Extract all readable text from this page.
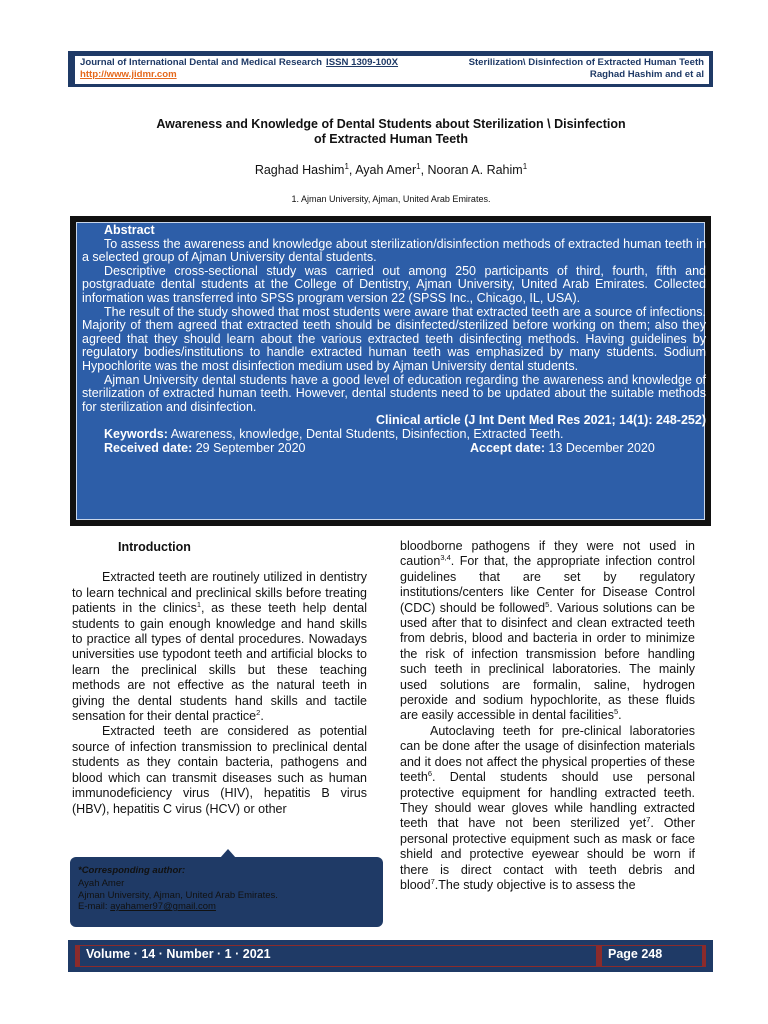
Journal of International Dental and Medical Research ISSN 1309-100X
http://www.jidmr.com
Sterilization\ Disinfection of Extracted Human Teeth
Raghad Hashim and et al
Awareness and Knowledge of Dental Students about Sterilization \ Disinfection
of Extracted Human Teeth
Raghad Hashim$^1$, Ayah Amer$^1$, Nooran A. Rahim$^1$
1. Ajman University, Ajman, United Arab Emirates.

Abstract

To assess the awareness and knowledge about sterilization/disinfection methods of extracted human teeth in a selected group of Ajman University dental students.

Descriptive cross-sectional study was carried out among 250 participants of third, fourth, fifth and postgraduate dental students at the College of Dentistry, Ajman University, United Arab Emirates. Collected information was transferred into SPSS program version 22 (SPSS Inc., Chicago, IL, USA).

The result of the study showed that most students were aware that extracted teeth are a source of infections. Majority of them agreed that extracted teeth should be disinfected/sterilized before working on them; also they agreed that they should learn about the various extracted teeth disinfecting methods. Having guidelines by regulatory bodies/institutions to handle extracted human teeth was emphasized by many students. Sodium Hypochlorite was the most disinfection medium used by Ajman University dental students.

Ajman University dental students have a good level of education regarding the awareness and knowledge of sterilization of extracted human teeth. However, dental students need to be updated about the suitable methods for sterilization and disinfection.

Clinical article (J Int Dent Med Res 2021; 14(1): 248-252)
Keywords: Awareness, knowledge, Dental Students, Disinfection, Extracted Teeth.
Received date: 29 September 2020	Accept date: 13 December 2020

Introduction

Extracted teeth are routinely utilized in dentistry to learn technical and preclinical skills before treating patients in the clinics$^1$, as these teeth help dental students to gain enough knowledge and hand skills to practice all types of dental procedures. Nowadays universities use typodont teeth and artificial blocks to learn the preclinical skills but these teaching methods are not effective as the natural teeth in giving the dental students hand skills and tactile sensation for their dental practice$^2$.

Extracted teeth are considered as potential source of infection transmission to preclinical dental students as they contain bacteria, pathogens and blood which can transmit diseases such as human immunodeficiency virus (HIV), hepatitis B virus (HBV), hepatitis C virus (HCV) or other

bloodborne pathogens if they were not used in caution$^{3,4}$. For that, the appropriate infection control guidelines that are set by regulatory institutions/centers like Center for Disease Control (CDC) should be followed$^5$. Various solutions can be used after that to disinfect and clean extracted teeth from debris, blood and bacteria in order to minimize the risk of infection transmission before handling such teeth in preclinical laboratories. The mainly used solutions are formalin, saline, hydrogen peroxide and sodium hypochlorite, as these fluids are easily accessible in dental facilities$^5$.

Autoclaving teeth for pre-clinical laboratories can be done after the usage of disinfection materials and it does not affect the physical properties of these teeth$^6$. Dental students should use personal protective equipment for handling extracted teeth. They should wear gloves while handling extracted teeth that have not been sterilized yet$^7$. Other personal protective equipment such as mask or face shield and protective eyewear should be worn if there is direct contact with teeth debris and blood$^7$.The study objective is to assess the

*Corresponding author:
Ayah Amer
Ajman University, Ajman, United Arab Emirates.
E-mail: ayahamer97@gmail.com
Volume · 14 · Number · 1 · 2021	Page 248
